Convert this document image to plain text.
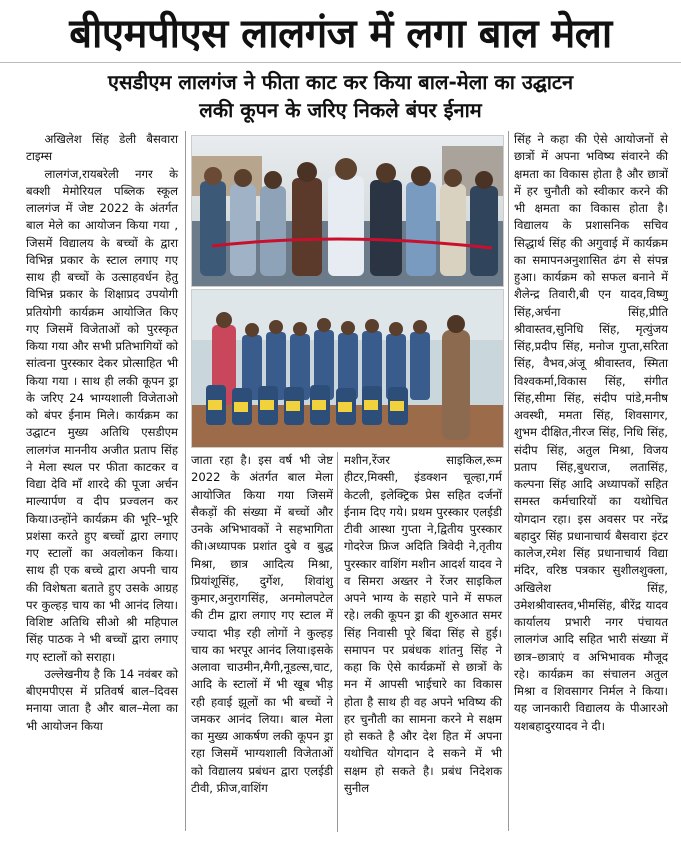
बीएमपीएस लालगंज में लगा बाल मेला
एसडीएम लालगंज ने फीता काट कर किया बाल-मेला का उद्घाटन
लकी कूपन के जरिए निकले बंपर ईनाम

अखिलेश सिंह डेली बैसवारा टाइम्स

लालगंज,रायबरेली नगर के बक्शी मेमोरियल पब्लिक स्कूल लालगंज में जेष्ट 2022 के अंतर्गत बाल मेले का आयोजन किया गया , जिसमें विद्यालय के बच्चों के द्वारा विभिन्न प्रकार के स्टाल लगाए गए साथ ही बच्चों के उत्साहवर्धन हेतु विभिन्न प्रकार के शिक्षाप्रद उपयोगी प्रतियोगी कार्यक्रम आयोजित किए गए जिसमें विजेताओं को पुरस्कृत किया गया और सभी प्रतिभागियों को सांत्वना पुरस्कार देकर प्रोत्साहित भी किया गया । साथ ही लकी कूपन ड्रा के जरिए 24 भाग्यशाली विजेताओ को बंपर ईनाम मिले। कार्यक्रम का उद्घाटन मुख्य अतिथि एसडीएम लालगंज माननीय अजीत प्रताप सिंह ने मेला स्थल पर फीता काटकर व विद्या देवि माँ शारदे की पूजा अर्चन माल्यार्पण व दीप प्रज्वलन कर किया।उन्होंने कार्यक्रम की भूरि–भूरि प्रशंसा करते हुए बच्चों द्वारा लगाए गए स्टालों का अवलोकन किया। साथ ही एक बच्चे द्वारा अपनी चाय की विशेषता बताते हुए उसके आग्रह पर कुल्हड़ चाय का भी आनंद लिया। विशिष्ट अतिथि सीओ श्री महिपाल सिंह पाठक ने भी बच्चों द्वारा लगाए गए स्टालों को सराहा।

उल्लेखनीय है कि 14 नवंबर को बीएमपीएस में प्रतिवर्ष बाल–दिवस मनाया जाता है और बाल–मेला का भी आयोजन किया

जाता रहा है। इस वर्ष भी जेष्ट 2022 के अंतर्गत बाल मेला आयोजित किया गया जिसमें सैकड़ों की संख्या में बच्चों और उनके अभिभावकों ने सहभागिता की।अध्यापक प्रशांत दुबे व बुद्ध मिश्रा, छात्र आदित्य मिश्रा, प्रियांशूसिंह, दुर्गेश, शिवांशु कुमार,अनुरागसिंह, अनमोलपटेल की टीम द्वारा लगाए गए स्टाल में ज्यादा भीड़ रही लोगों ने कुल्हड़ चाय का भरपूर आनंद लिया।इसके अलावा चाउमीन,मैगी,नूडल्स,चाट, आदि के स्टालों में भी खूब भीड़ रही हवाई झूलों का भी बच्चों ने जमकर आनंद लिया। बाल मेला का मुख्य आकर्षण लकी कूपन ड्रा रहा जिसमें भाग्यशाली विजेताओं को विद्यालय प्रबंधन द्वारा एलईडी टीवी, फ्रीज,वाशिंग

मशीन,रेंजर साइकिल,रूम हीटर,मिक्सी, इंडक्शन चूल्हा,गर्म केटली, इलेक्ट्रिक प्रेस सहित दर्जनों ईनाम दिए गये। प्रथम पुरस्कार एलईडी टीवी आस्था गुप्ता ने,द्वितीय पुरस्कार गोदरेज फ्रिज अदिति त्रिवेदी ने,तृतीय पुरस्कार वाशिंग मशीन आदर्श यादव ने व सिमरा अख्तर ने रेंजर साइकिल अपने भाग्य के सहारे पाने में सफल रहे। लकी कूपन ड्रा की शुरुआत समर सिंह निवासी पूरे बिंदा सिंह से हुई। समापन पर प्रबंधक शांतनु सिंह ने कहा कि ऐसे कार्यक्रमों से छात्रों के मन में आपसी भाईचारे का विकास होता है साथ ही वह अपने भविष्य की हर चुनौती का सामना करने मे सक्षम हो सकते है और देश हित में अपना यथोचित योगदान दे सकने में भी सक्षम हो सकते है। प्रबंध निदेशक सुनील

सिंह ने कहा की ऐसे आयोजनों से छात्रों में अपना भविष्य संवारने की क्षमता का विकास होता है और छात्रों में हर चुनौती को स्वीकार करने की भी क्षमता का विकास होता है। विद्यालय के प्रशासनिक सचिव सिद्धार्थ सिंह की अगुवाई में कार्यक्रम का समापनअनुशासित ढंग से संपन्न हुआ। कार्यक्रम को सफल बनाने में शैलेन्द्र तिवारी,बी एन यादव,विष्णु सिंह,अर्चना सिंह,प्रीति श्रीवास्तव,सुनिधि सिंह, मृत्युंजय सिंह,प्रदीप सिंह, मनोज गुप्ता,सरिता सिंह, वैभव,अंजू श्रीवास्तव, स्मिता विश्वकर्मा,विकास सिंह, संगीत सिंह,सीमा सिंह, संदीप पांडे,मनीष अवस्थी, ममता सिंह, शिवसागर, शुभम दीक्षित,नीरज सिंह, निधि सिंह, संदीप सिंह, अतुल मिश्रा, विजय प्रताप सिंह,बुधराज, लतासिंह, कल्पना सिंह आदि अध्यापकों सहित समस्त कर्मचारियों का यथोचित योगदान रहा। इस अवसर पर नरेंद्र बहादुर सिंह प्रधानाचार्य बैसवारा इंटर कालेज,रमेश सिंह प्रधानाचार्य विद्या मंदिर, वरिष्ठ पत्रकार सुशीलशुक्ला, अखिलेश सिंह, उमेशश्रीवास्तव,भीमसिंह, बीरेंद्र यादव कार्यालय प्रभारी नगर पंचायत लालगंज आदि सहित भारी संख्या में छात्र–छात्राएं व अभिभावक मौजूद रहे। कार्यक्रम का संचालन अतुल मिश्रा व शिवसागर निर्मल ने किया। यह जानकारी विद्यालय के पीआरओ यशबहादुरयादव ने दी।
